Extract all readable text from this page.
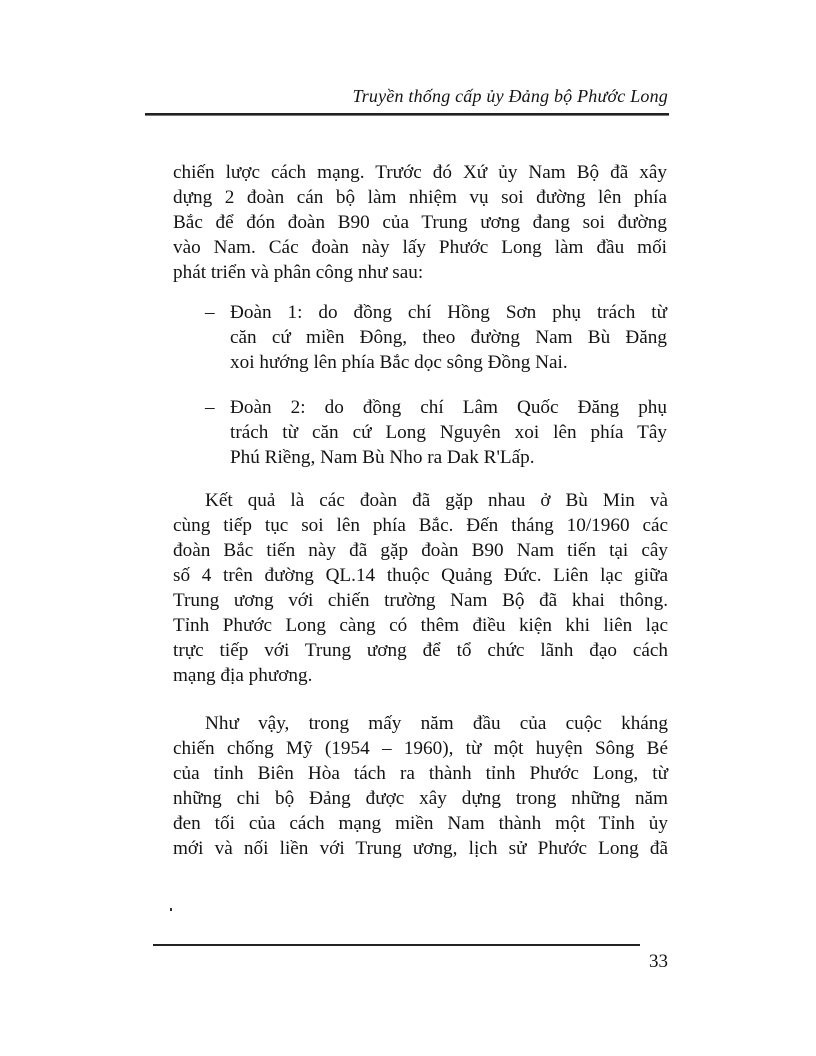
Truyền thống cấp ủy Đảng bộ Phước Long
chiến lược cách mạng. Trước đó Xứ ủy Nam Bộ đã xây
dựng 2 đoàn cán bộ làm nhiệm vụ soi đường lên phía
Bắc để đón đoàn B90 của Trung ương đang soi đường
vào Nam. Các đoàn này lấy Phước Long làm đầu mối
phát triển và phân công như sau:
– Đoàn 1: do đồng chí Hồng Sơn phụ trách từ
căn cứ miền Đông, theo đường Nam Bù Đăng
xoi hướng lên phía Bắc dọc sông Đồng Nai.
– Đoàn 2: do đồng chí Lâm Quốc Đăng phụ
trách từ căn cứ Long Nguyên xoi lên phía Tây
Phú Riềng, Nam Bù Nho ra Dak R'Lấp.
Kết quả là các đoàn đã gặp nhau ở Bù Min và
cùng tiếp tục soi lên phía Bắc. Đến tháng 10/1960 các
đoàn Bắc tiến này đã gặp đoàn B90 Nam tiến tại cây
số 4 trên đường QL.14 thuộc Quảng Đức. Liên lạc giữa
Trung ương với chiến trường Nam Bộ đã khai thông.
Tỉnh Phước Long càng có thêm điều kiện khi liên lạc
trực tiếp với Trung ương để tổ chức lãnh đạo cách
mạng địa phương.
Như vậy, trong mấy năm đầu của cuộc kháng
chiến chống Mỹ (1954 – 1960), từ một huyện Sông Bé
của tỉnh Biên Hòa tách ra thành tỉnh Phước Long, từ
những chi bộ Đảng được xây dựng trong những năm
đen tối của cách mạng miền Nam thành một Tỉnh ủy
mới và nối liền với Trung ương, lịch sử Phước Long đã
33
